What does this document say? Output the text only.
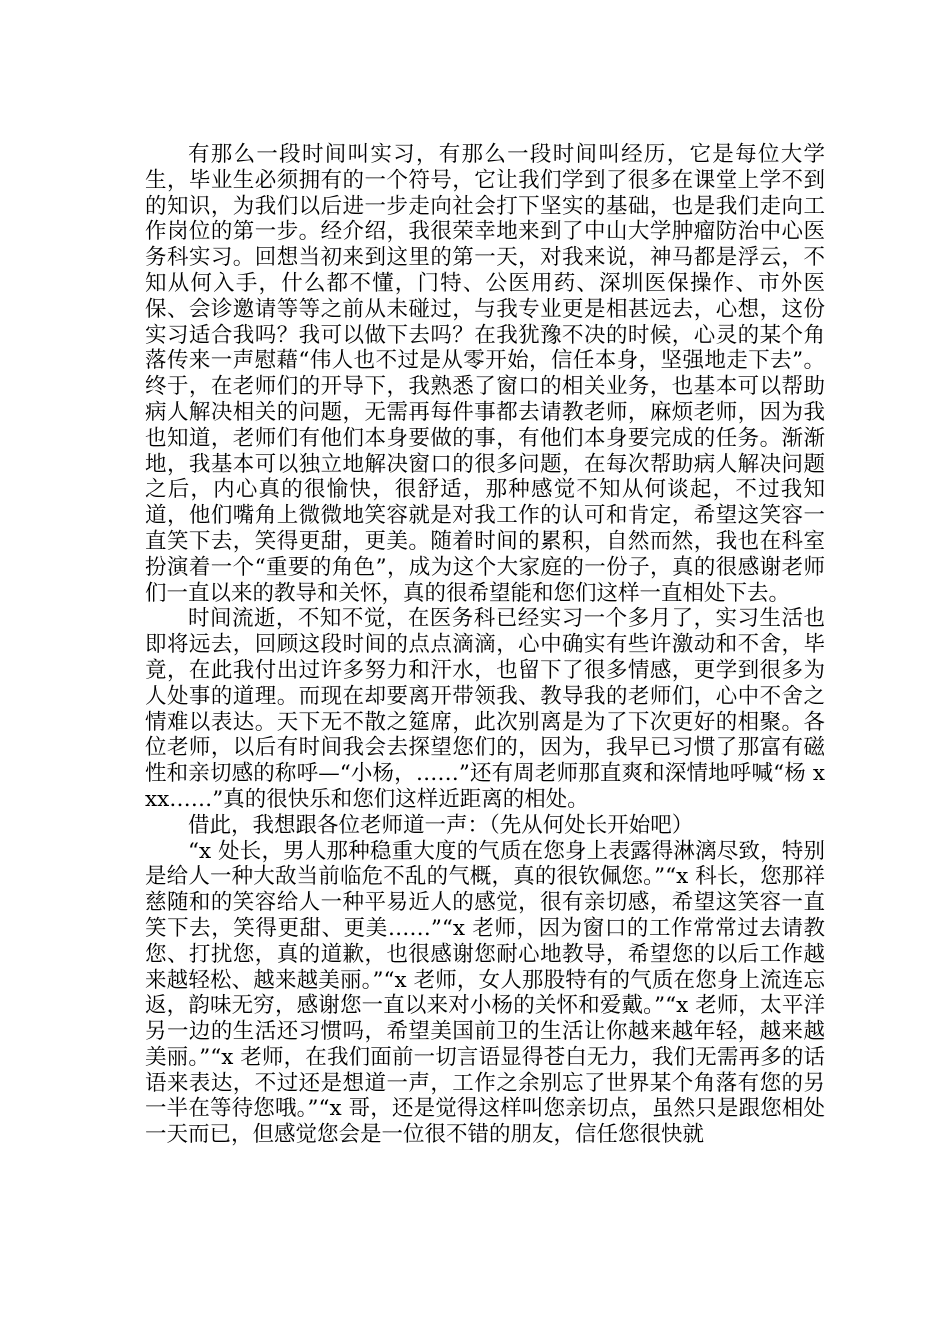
有那么一段时间叫实习，有那么一段时间叫经历，它是每位大学生，毕业生必须拥有的一个符号，它让我们学到了很多在课堂上学不到的知识，为我们以后进一步走向社会打下坚实的基础，也是我们走向工作岗位的第一步。经介绍，我很荣幸地来到了中山大学肿瘤防治中心医务科实习。回想当初来到这里的第一天，对我来说，神马都是浮云，不知从何入手，什么都不懂，门特、公医用药、深圳医保操作、市外医保、会诊邀请等等之前从未碰过，与我专业更是相甚远去，心想，这份实习适合我吗？我可以做下去吗？在我犹豫不决的时候，心灵的某个角落传来一声慰藉“伟人也不过是从零开始，信任本身，坚强地走下去”。终于，在老师们的开导下，我熟悉了窗口的相关业务，也基本可以帮助病人解决相关的问题，无需再每件事都去请教老师，麻烦老师，因为我也知道，老师们有他们本身要做的事，有他们本身要完成的任务。渐渐地，我基本可以独立地解决窗口的很多问题，在每次帮助病人解决问题之后，内心真的很愉快，很舒适，那种感觉不知从何谈起，不过我知道，他们嘴角上微微地笑容就是对我工作的认可和肯定，希望这笑容一直笑下去，笑得更甜，更美。随着时间的累积，自然而然，我也在科室扮演着一个“重要的角色”，成为这个大家庭的一份子，真的很感谢老师们一直以来的教导和关怀，真的很希望能和您们这样一直相处下去。

时间流逝，不知不觉，在医务科已经实习一个多月了，实习生活也即将远去，回顾这段时间的点点滴滴，心中确实有些许激动和不舍，毕竟，在此我付出过许多努力和汗水，也留下了很多情感，更学到很多为人处事的道理。而现在却要离开带领我、教导我的老师们，心中不舍之情难以表达。天下无不散之筵席，此次别离是为了下次更好的相聚。各位老师，以后有时间我会去探望您们的，因为，我早已习惯了那富有磁性和亲切感的称呼—“小杨，……”还有周老师那直爽和深情地呼喊“杨 xxx……”真的很快乐和您们这样近距离的相处。

借此，我想跟各位老师道一声：（先从何处长开始吧）

“x 处长，男人那种稳重大度的气质在您身上表露得淋漓尽致，特别是给人一种大敌当前临危不乱的气概，真的很钦佩您。”“x 科长，您那祥慈随和的笑容给人一种平易近人的感觉，很有亲切感，希望这笑容一直笑下去，笑得更甜、更美……”“x 老师，因为窗口的工作常常过去请教您、打扰您，真的道歉，也很感谢您耐心地教导，希望您的以后工作越来越轻松、越来越美丽。”“x 老师，女人那股特有的气质在您身上流连忘返，韵味无穷，感谢您一直以来对小杨的关怀和爱戴。”“x 老师，太平洋另一边的生活还习惯吗，希望美国前卫的生活让你越来越年轻，越来越美丽。”“x 老师，在我们面前一切言语显得苍白无力，我们无需再多的话语来表达，不过还是想道一声，工作之余别忘了世界某个角落有您的另一半在等待您哦。”“x 哥，还是觉得这样叫您亲切点，虽然只是跟您相处一天而已，但感觉您会是一位很不错的朋友，信任您很快就
